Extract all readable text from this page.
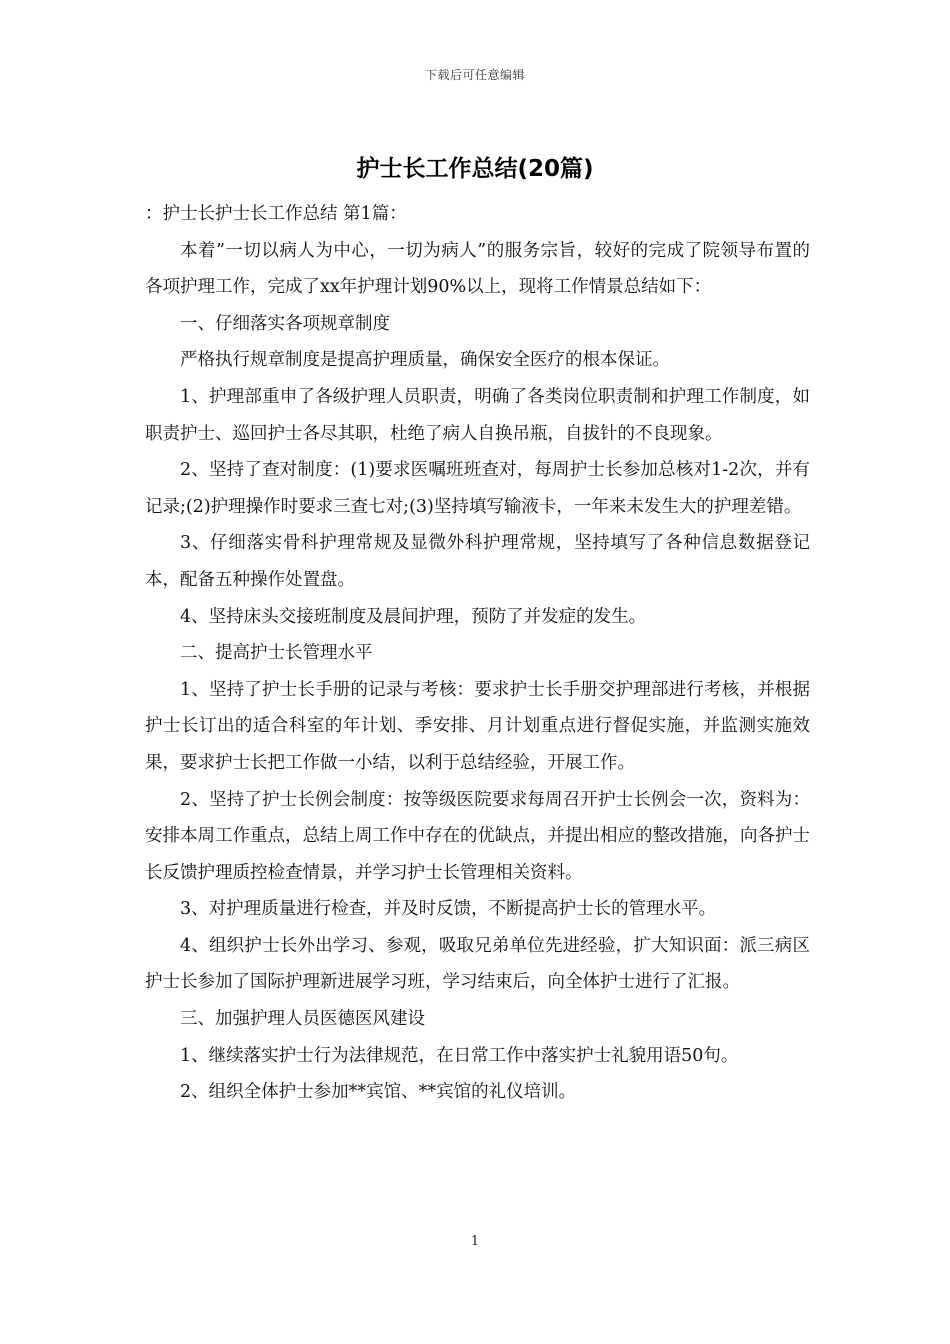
下载后可任意编辑
护士长工作总结(20篇)

：护士长护士长工作总结 第1篇：

本着”一切以病人为中心，一切为病人”的服务宗旨，较好的完成了院领导布置的各项护理工作，完成了xx年护理计划90%以上，现将工作情景总结如下：

一、仔细落实各项规章制度

严格执行规章制度是提高护理质量，确保安全医疗的根本保证。

1、护理部重申了各级护理人员职责，明确了各类岗位职责制和护理工作制度，如职责护士、巡回护士各尽其职，杜绝了病人自换吊瓶，自拔针的不良现象。

2、坚持了查对制度：(1)要求医嘱班班查对，每周护士长参加总核对1-2次，并有记录;(2)护理操作时要求三查七对;(3)坚持填写输液卡，一年来未发生大的护理差错。

3、仔细落实骨科护理常规及显微外科护理常规，坚持填写了各种信息数据登记本，配备五种操作处置盘。

4、坚持床头交接班制度及晨间护理，预防了并发症的发生。

二、提高护士长管理水平

1、坚持了护士长手册的记录与考核：要求护士长手册交护理部进行考核，并根据护士长订出的适合科室的年计划、季安排、月计划重点进行督促实施，并监测实施效果，要求护士长把工作做一小结，以利于总结经验，开展工作。

2、坚持了护士长例会制度：按等级医院要求每周召开护士长例会一次，资料为：安排本周工作重点，总结上周工作中存在的优缺点，并提出相应的整改措施，向各护士长反馈护理质控检查情景，并学习护士长管理相关资料。

3、对护理质量进行检查，并及时反馈，不断提高护士长的管理水平。

4、组织护士长外出学习、参观，吸取兄弟单位先进经验，扩大知识面：派三病区护士长参加了国际护理新进展学习班，学习结束后，向全体护士进行了汇报。

三、加强护理人员医德医风建设

1、继续落实护士行为法律规范，在日常工作中落实护士礼貌用语50句。

2、组织全体护士参加**宾馆、**宾馆的礼仪培训。

1
